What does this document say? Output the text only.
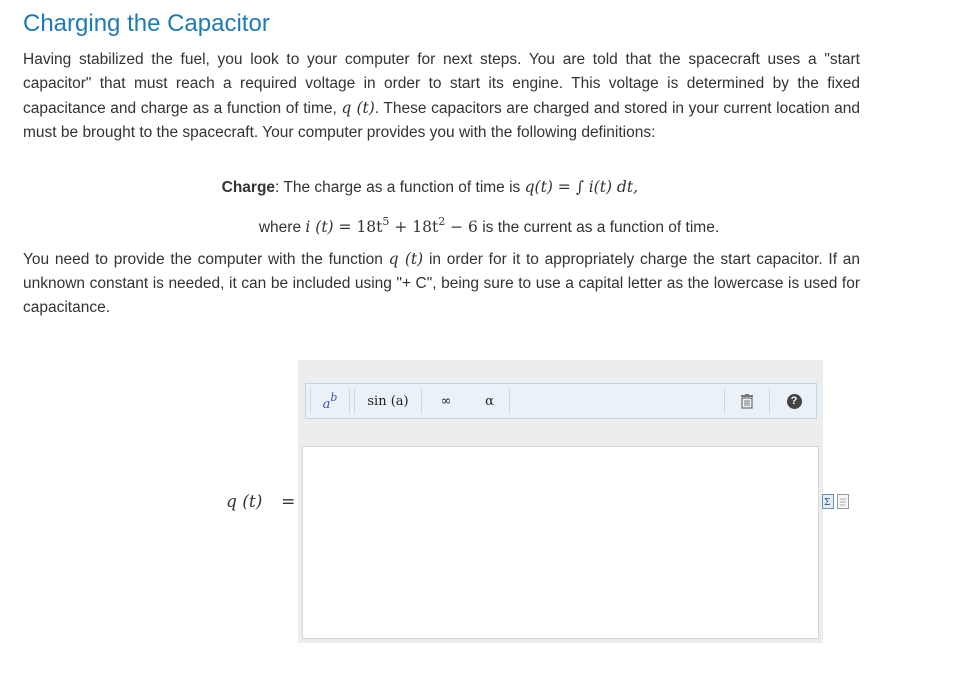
Charging the Capacitor
Having stabilized the fuel, you look to your computer for next steps. You are told that the spacecraft uses a "start capacitor" that must reach a required voltage in order to start its engine. This voltage is determined by the fixed capacitance and charge as a function of time, q (t). These capacitors are charged and stored in your current location and must be brought to the spacecraft. Your computer provides you with the following definitions:
Charge: The charge as a function of time is q(t) = ∫ i(t) dt,
where i $(t) = 18t^5 + 18t^2 - 6$ is the current as a function of time.
You need to provide the computer with the function q (t) in order for it to appropriately charge the start capacitor. If an unknown constant is needed, it can be included using "+ C", being sure to use a capital letter as the lowercase is used for capacitance.
a b	sin (a)	∞	α	?
q (t) =	Σ
